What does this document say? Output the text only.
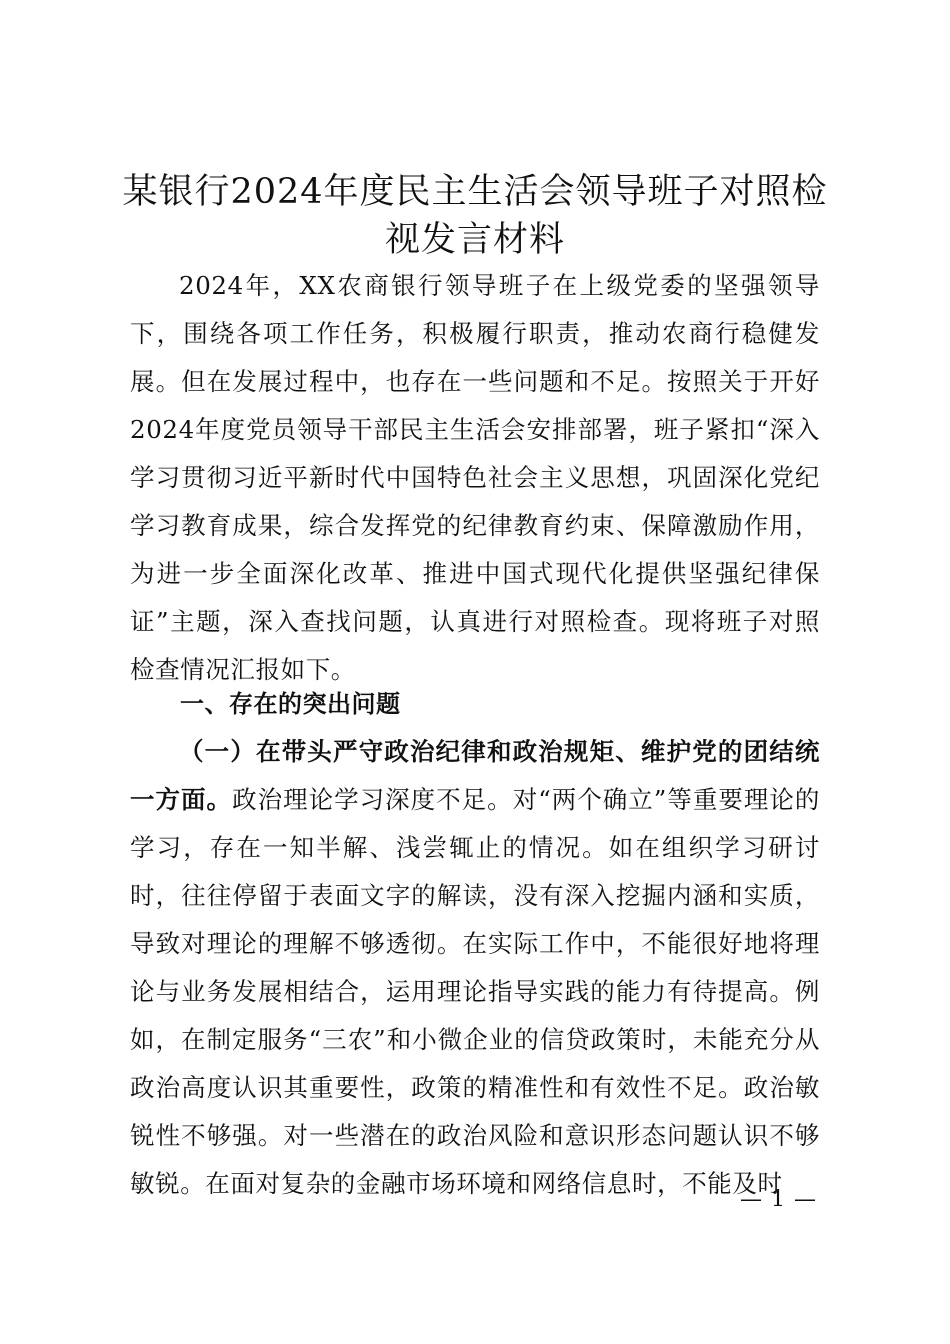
某银行2024年度民主生活会领导班子对照检视发言材料

2024年，XX农商银行领导班子在上级党委的坚强领导下，围绕各项工作任务，积极履行职责，推动农商行稳健发展。但在发展过程中，也存在一些问题和不足。按照关于开好2024年度党员领导干部民主生活会安排部署，班子紧扣“深入学习贯彻习近平新时代中国特色社会主义思想，巩固深化党纪学习教育成果，综合发挥党的纪律教育约束、保障激励作用，为进一步全面深化改革、推进中国式现代化提供坚强纪律保证”主题，深入查找问题，认真进行对照检查。现将班子对照检查情况汇报如下。

一、存在的突出问题

（一）在带头严守政治纪律和政治规矩、维护党的团结统一方面。政治理论学习深度不足。对“两个确立”等重要理论的学习，存在一知半解、浅尝辄止的情况。如在组织学习研讨时，往往停留于表面文字的解读，没有深入挖掘内涵和实质，导致对理论的理解不够透彻。在实际工作中，不能很好地将理论与业务发展相结合，运用理论指导实践的能力有待提高。例如，在制定服务“三农”和小微企业的信贷政策时，未能充分从政治高度认识其重要性，政策的精准性和有效性不足。政治敏锐性不够强。对一些潜在的政治风险和意识形态问题认识不够敏锐。在面对复杂的金融市场环境和网络信息时，不能及时

— 1 —
